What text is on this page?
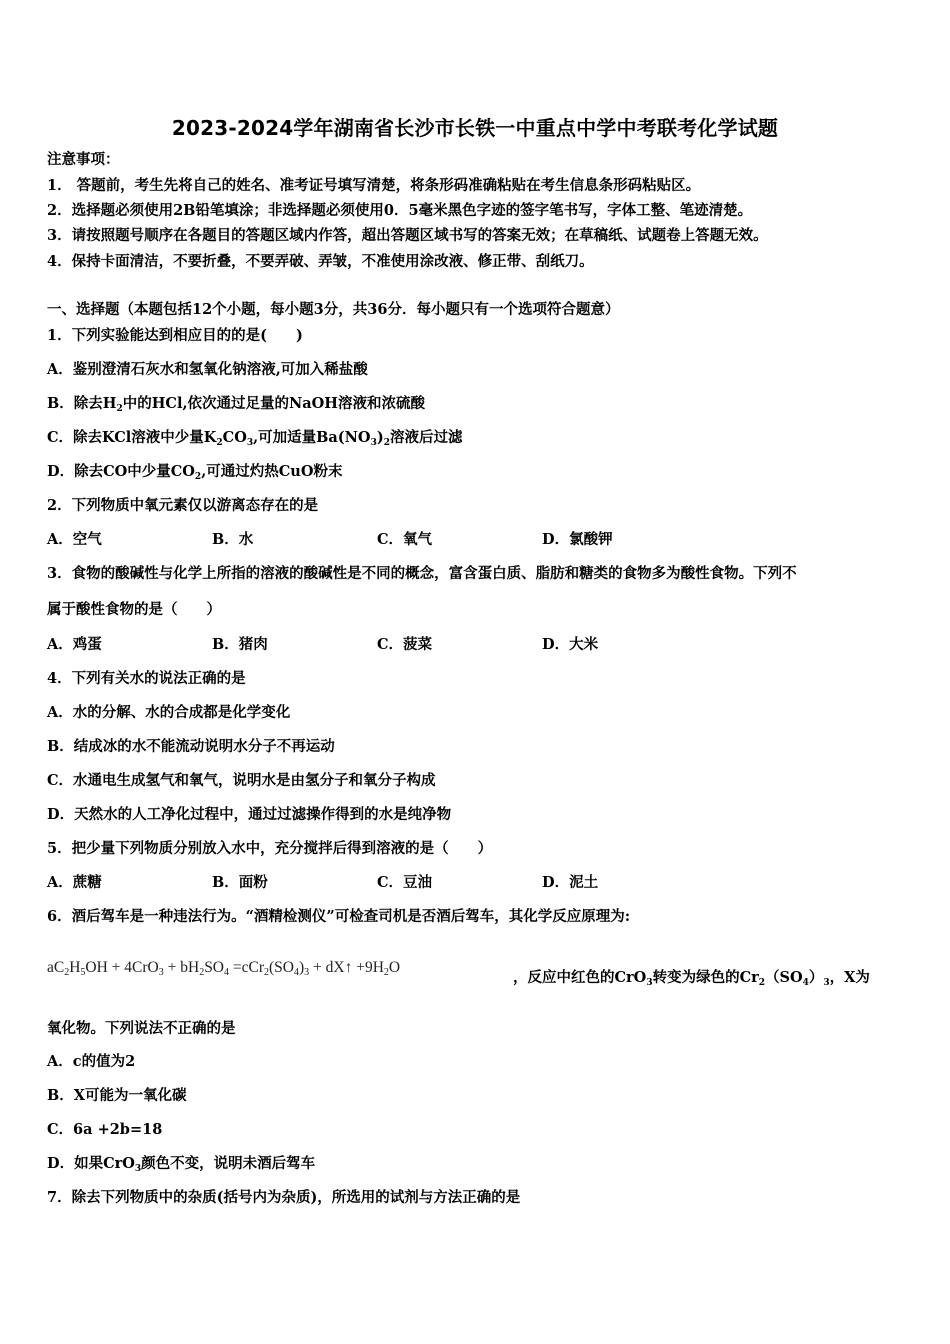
2023-2024学年湖南省长沙市长铁一中重点中学中考联考化学试题
注意事项：
1． 答题前，考生先将自己的姓名、准考证号填写清楚，将条形码准确粘贴在考生信息条形码粘贴区。
2．选择题必须使用2B铅笔填涂；非选择题必须使用0．5毫米黑色字迹的签字笔书写，字体工整、笔迹清楚。
3．请按照题号顺序在各题目的答题区域内作答，超出答题区域书写的答案无效；在草稿纸、试题卷上答题无效。
4．保持卡面清洁，不要折叠，不要弄破、弄皱，不准使用涂改液、修正带、刮纸刀。
一、选择题（本题包括12个小题，每小题3分，共36分．每小题只有一个选项符合题意）
1．下列实验能达到相应目的的是(　　)
A．鉴别澄清石灰水和氢氧化钠溶液,可加入稀盐酸
B．除去$H_2$中的HCl,依次通过足量的NaOH溶液和浓硫酸
C．除去KCl溶液中少量$K_2CO_3$,可加适量$Ba(NO_3)_2$溶液后过滤
D．除去CO中少量$CO_2$,可通过灼热CuO粉末
2．下列物质中氧元素仅以游离态存在的是
A．空气	B．水	C．氧气	D．氯酸钾
3．食物的酸碱性与化学上所指的溶液的酸碱性是不同的概念，富含蛋白质、脂肪和糖类的食物多为酸性食物。下列不
属于酸性食物的是（　　）
A．鸡蛋	B．猪肉	C．菠菜	D．大米
4．下列有关水的说法正确的是
A．水的分解、水的合成都是化学变化
B．结成冰的水不能流动说明水分子不再运动
C．水通电生成氢气和氧气，说明水是由氢分子和氧分子构成
D．天然水的人工净化过程中，通过过滤操作得到的水是纯净物
5．把少量下列物质分别放入水中，充分搅拌后得到溶液的是（　　）
A．蔗糖	B．面粉	C．豆油	D．泥土
6．酒后驾车是一种违法行为。“酒精检测仪”可检查司机是否酒后驾车，其化学反应原理为:
$aC_2H_5OH + 4CrO_3 + bH_2SO_4 =cCr_2(SO_4)_3$ + dX↑ $+9H_2O$
，反应中红色的CrO$_3$转变为绿色的$Cr_2(SO_4)_3$，X为
氧化物。下列说法不正确的是
A．c的值为2
B．X可能为一氧化碳
C．6a +2b=18
D．如果CrO$_3$颜色不变，说明未酒后驾车
7．除去下列物质中的杂质(括号内为杂质)，所选用的试剂与方法正确的是
